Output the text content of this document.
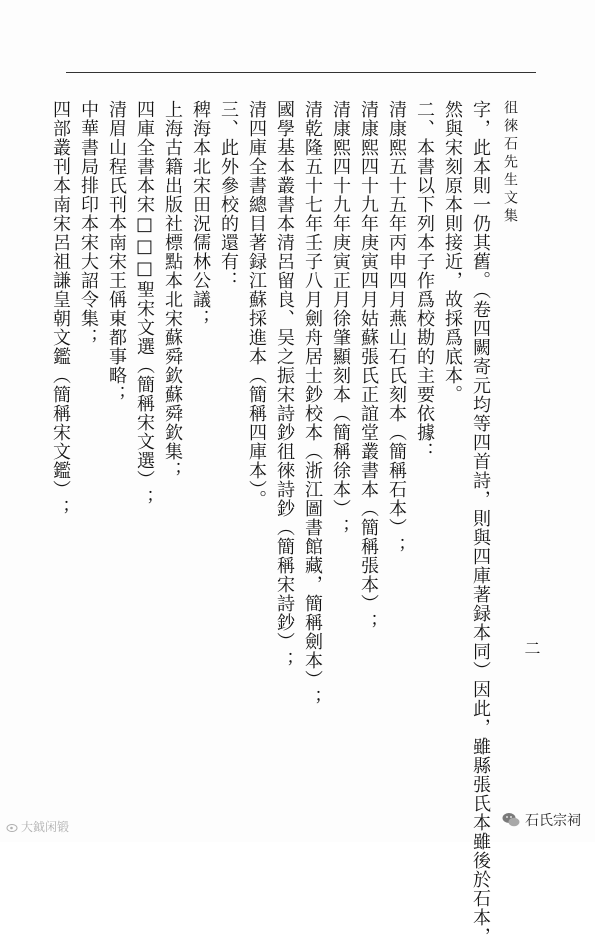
徂徠石先生文集
二
字，此本則一仍其舊。（卷四闕寄元均等四首詩，則與四庫著録本同）因此，雖縣張氏本雖後於石本，
然與宋刻原本則接近，故採爲底本。
二、本書以下列本子作爲校勘的主要依據：
清康熙五十五年丙申四月燕山石氏刻本（簡稱石本）；
清康熙四十九年庚寅四月姑蘇張氏正誼堂叢書本（簡稱張本）；
清康熙四十九年庚寅正月徐肇顯刻本（簡稱徐本）；
清乾隆五十七年壬子八月劍舟居士鈔校本（浙江圖書館藏，簡稱劍本）；
國學基本叢書本清呂留良、吴之振宋詩鈔徂徠詩鈔（簡稱宋詩鈔）；
清四庫全書總目著録江蘇採進本（簡稱四庫本）。
三、此外參校的還有：
稗海本北宋田況儒林公議；
上海古籍出版社標點本北宋蘇舜欽蘇舜欽集；
四庫全書本宋□□□聖宋文選（簡稱宋文選）；
清眉山程氏刊本南宋王偁東都事略；
中華書局排印本宋大詔令集；
四部叢刊本南宋呂祖謙皇朝文鑑（簡稱宋文鑑）；
大鉞闲锻	石氏宗祠
